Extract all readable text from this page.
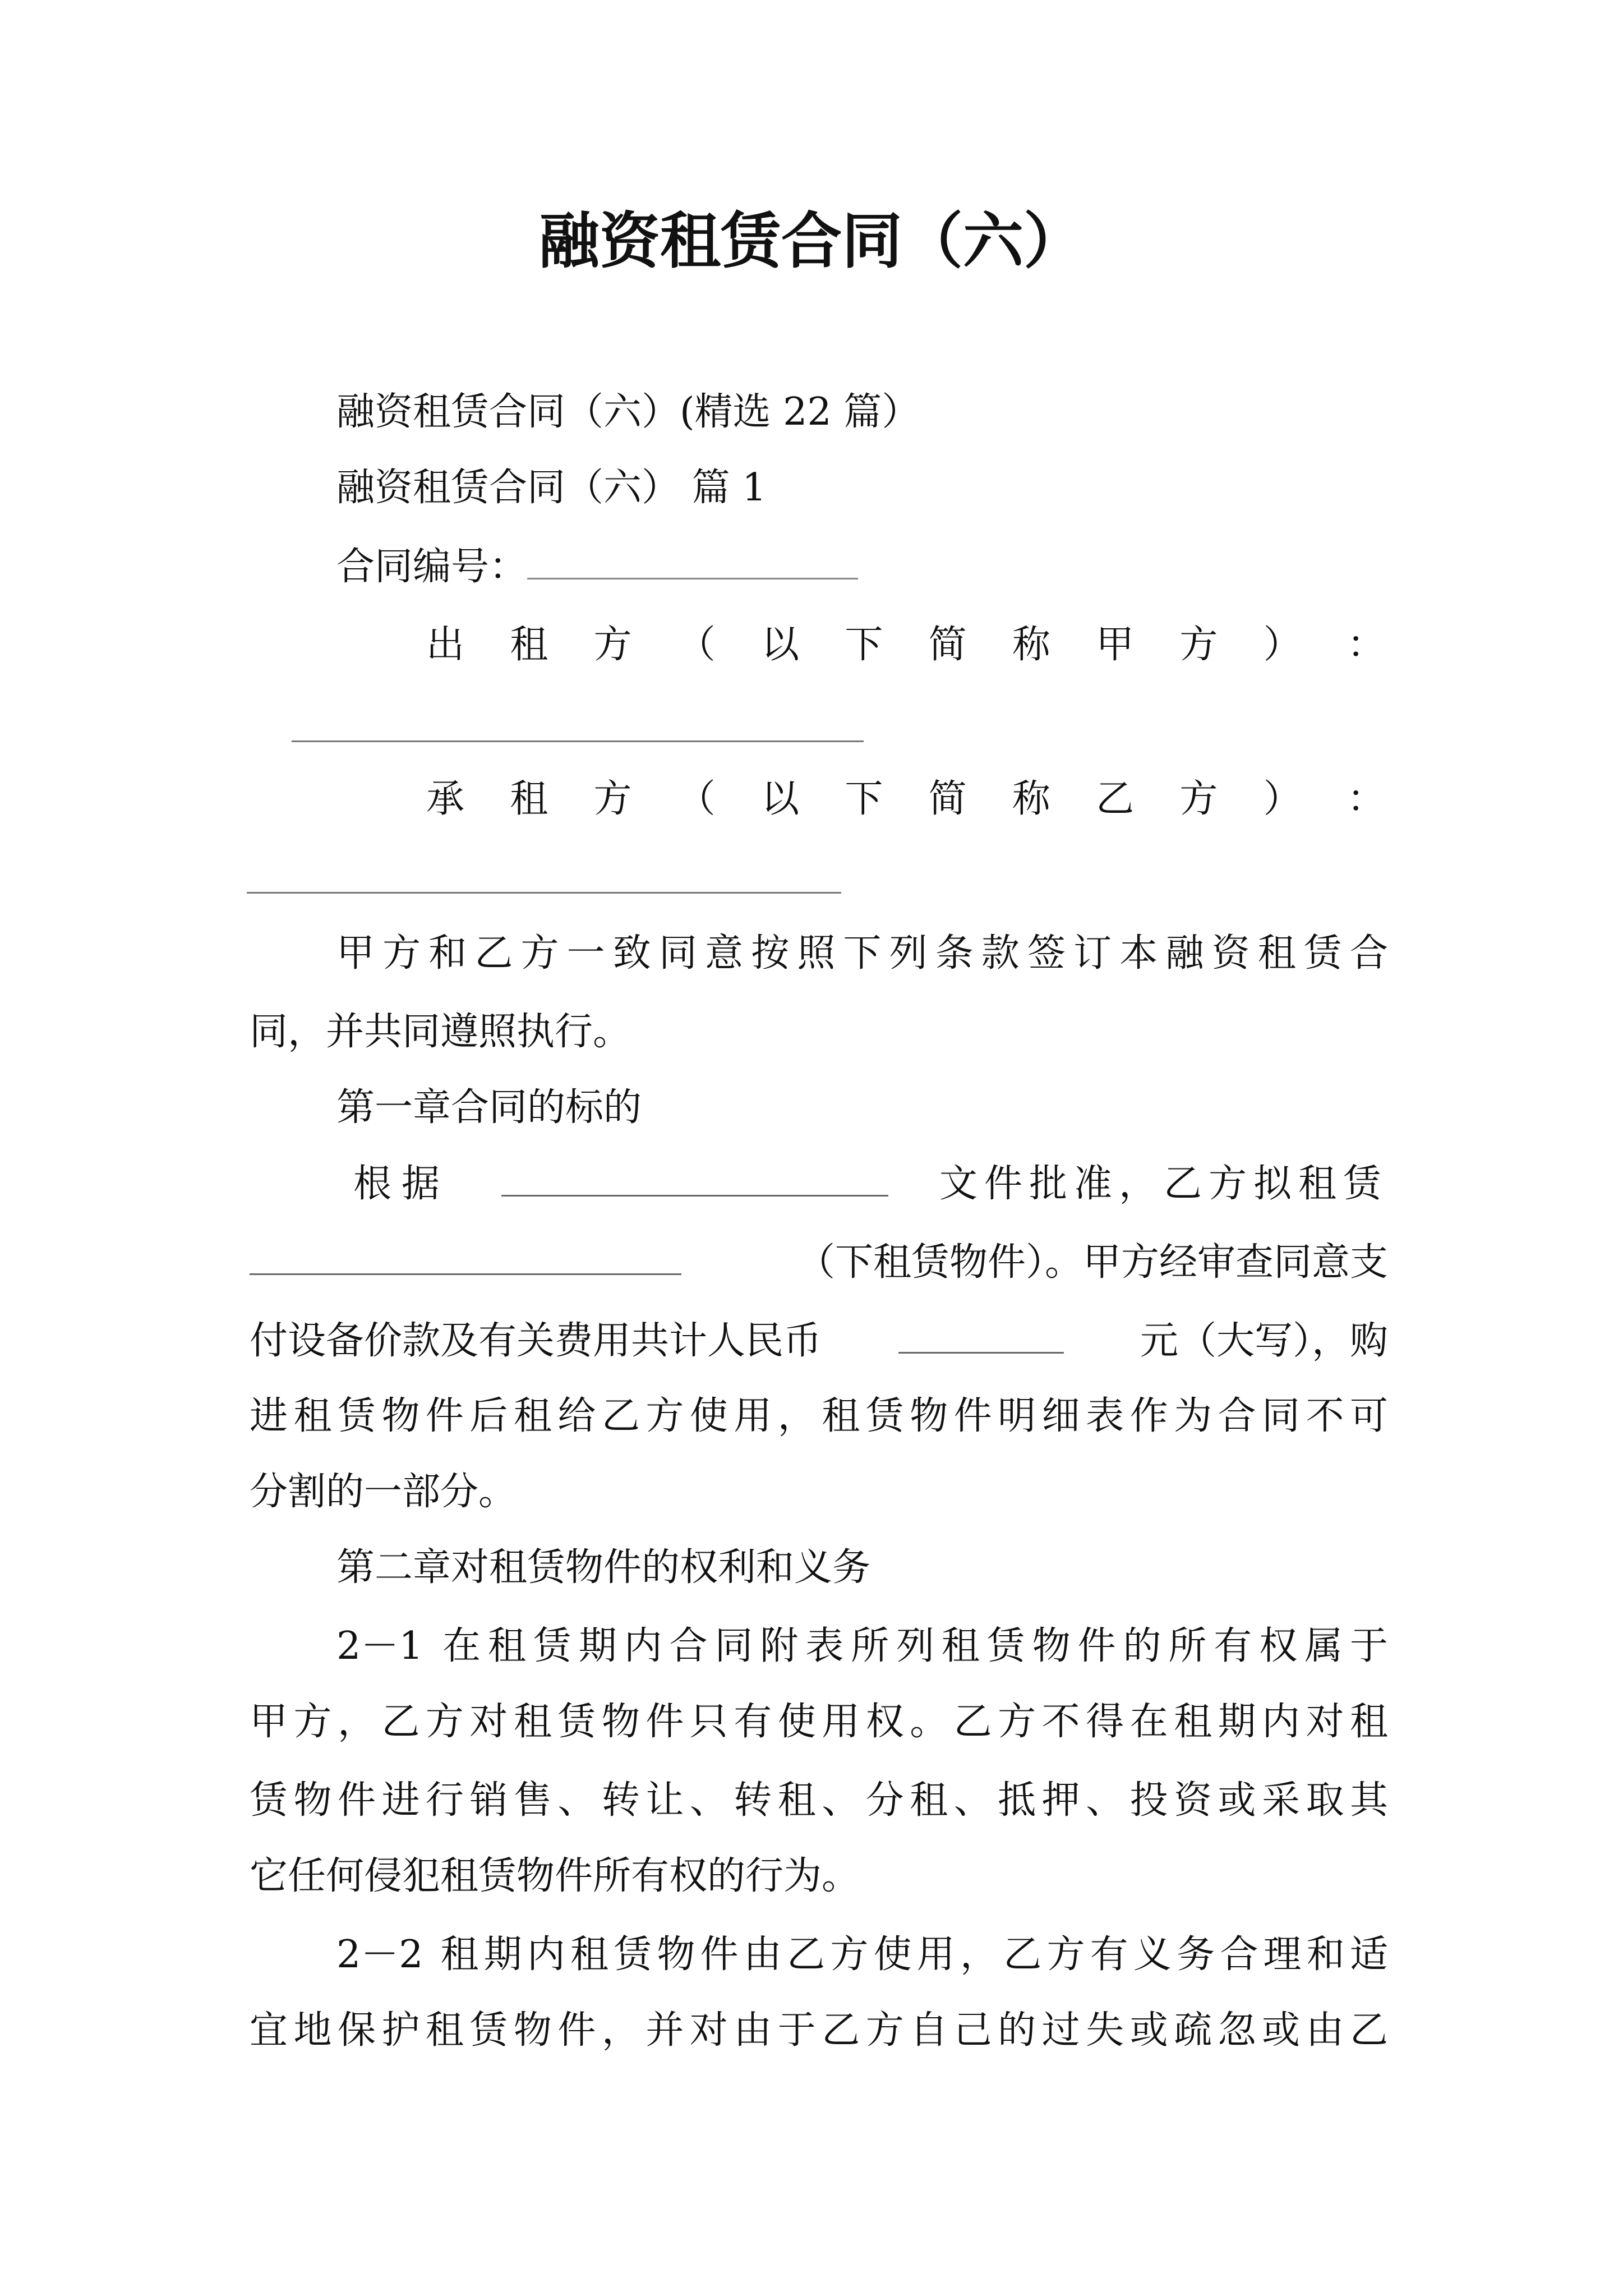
融资租赁合同（六）
融资租赁合同（六）(精选 22 篇）
融资租赁合同（六） 篇 1
合同编号：
出 租 方 （ 以 下 简 称 甲 方 ） ：
承 租 方 （ 以 下 简 称 乙 方 ） ：
甲方和乙方一致同意按照下列条款签订本融资租赁合
同，并共同遵照执行。
第一章合同的标的
根据	文件批准，乙方拟租赁
（下租赁物件）。甲方经审查同意支
付设备价款及有关费用共计人民币	元（大写），购
进租赁物件后租给乙方使用，租赁物件明细表作为合同不可
分割的一部分。
第二章对租赁物件的权利和义务
2－1 在租赁期内合同附表所列租赁物件的所有权属于
甲方，乙方对租赁物件只有使用权。乙方不得在租期内对租
赁物件进行销售、转让、转租、分租、抵押、投资或采取其
它任何侵犯租赁物件所有权的行为。
2－2 租期内租赁物件由乙方使用，乙方有义务合理和适
宜地保护租赁物件，并对由于乙方自己的过失或疏忽或由乙
